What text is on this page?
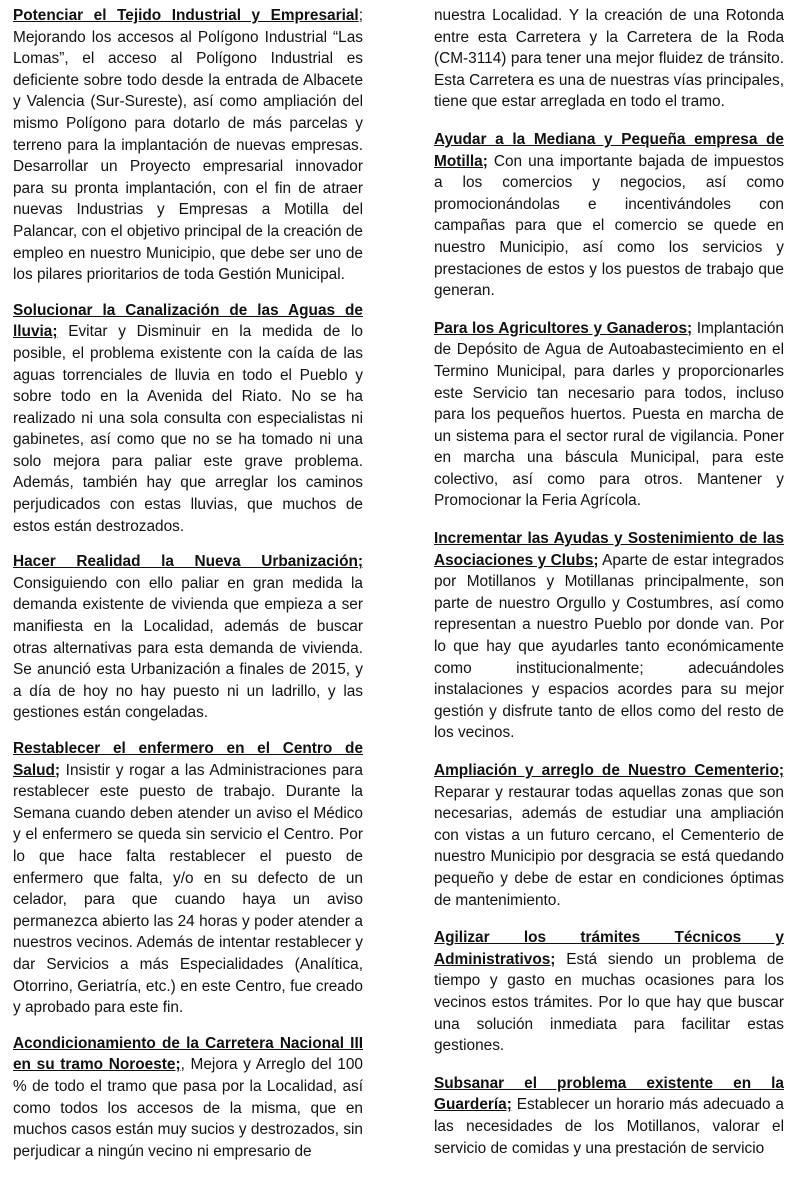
Potenciar el Tejido Industrial y Empresarial; Mejorando los accesos al Polígono Industrial “Las Lomas”, el acceso al Polígono Industrial es deficiente sobre todo desde la entrada de Albacete y Valencia (Sur-Sureste), así como ampliación del mismo Polígono para dotarlo de más parcelas y terreno para la implantación de nuevas empresas. Desarrollar un Proyecto empresarial innovador para su pronta implantación, con el fin de atraer nuevas Industrias y Empresas a Motilla del Palancar, con el objetivo principal de la creación de empleo en nuestro Municipio, que debe ser uno de los pilares prioritarios de toda Gestión Municipal.

Solucionar la Canalización de las Aguas de lluvia; Evitar y Disminuir en la medida de lo posible, el problema existente con la caída de las aguas torrenciales de lluvia en todo el Pueblo y sobre todo en la Avenida del Riato. No se ha realizado ni una sola consulta con especialistas ni gabinetes, así como que no se ha tomado ni una solo mejora para paliar este grave problema. Además, también hay que arreglar los caminos perjudicados con estas lluvias, que muchos de estos están destrozados.

Hacer Realidad la Nueva Urbanización; Consiguiendo con ello paliar en gran medida la demanda existente de vivienda que empieza a ser manifiesta en la Localidad, además de buscar otras alternativas para esta demanda de vivienda. Se anunció esta Urbanización a finales de 2015, y a día de hoy no hay puesto ni un ladrillo, y las gestiones están congeladas.

Restablecer el enfermero en el Centro de Salud; Insistir y rogar a las Administraciones para restablecer este puesto de trabajo. Durante la Semana cuando deben atender un aviso el Médico y el enfermero se queda sin servicio el Centro. Por lo que hace falta restablecer el puesto de enfermero que falta, y/o en su defecto de un celador, para que cuando haya un aviso permanezca abierto las 24 horas y poder atender a nuestros vecinos. Además de intentar restablecer y dar Servicios a más Especialidades (Analítica, Otorrino, Geriatría, etc.) en este Centro, fue creado y aprobado para este fin.

Acondicionamiento de la Carretera Nacional III en su tramo Noroeste;, Mejora y Arreglo del 100 % de todo el tramo que pasa por la Localidad, así como todos los accesos de la misma, que en muchos casos están muy sucios y destrozados, sin perjudicar a ningún vecino ni empresario de

nuestra Localidad. Y la creación de una Rotonda entre esta Carretera y la Carretera de la Roda (CM-3114) para tener una mejor fluidez de tránsito. Esta Carretera es una de nuestras vías principales, tiene que estar arreglada en todo el tramo.

Ayudar a la Mediana y Pequeña empresa de Motilla; Con una importante bajada de impuestos a los comercios y negocios, así como promocionándolas e incentivándoles con campañas para que el comercio se quede en nuestro Municipio, así como los servicios y prestaciones de estos y los puestos de trabajo que generan.

Para los Agricultores y Ganaderos; Implantación de Depósito de Agua de Autoabastecimiento en el Termino Municipal, para darles y proporcionarles este Servicio tan necesario para todos, incluso para los pequeños huertos. Puesta en marcha de un sistema para el sector rural de vigilancia. Poner en marcha una báscula Municipal, para este colectivo, así como para otros. Mantener y Promocionar la Feria Agrícola.

Incrementar las Ayudas y Sostenimiento de las Asociaciones y Clubs; Aparte de estar integrados por Motillanos y Motillanas principalmente, son parte de nuestro Orgullo y Costumbres, así como representan a nuestro Pueblo por donde van. Por lo que hay que ayudarles tanto económicamente como institucionalmente; adecuándoles instalaciones y espacios acordes para su mejor gestión y disfrute tanto de ellos como del resto de los vecinos.

Ampliación y arreglo de Nuestro Cementerio; Reparar y restaurar todas aquellas zonas que son necesarias, además de estudiar una ampliación con vistas a un futuro cercano, el Cementerio de nuestro Municipio por desgracia se está quedando pequeño y debe de estar en condiciones óptimas de mantenimiento.

Agilizar los trámites Técnicos y Administrativos; Está siendo un problema de tiempo y gasto en muchas ocasiones para los vecinos estos trámites. Por lo que hay que buscar una solución inmediata para facilitar estas gestiones.

Subsanar el problema existente en la Guardería; Establecer un horario más adecuado a las necesidades de los Motillanos, valorar el servicio de comidas y una prestación de servicio
